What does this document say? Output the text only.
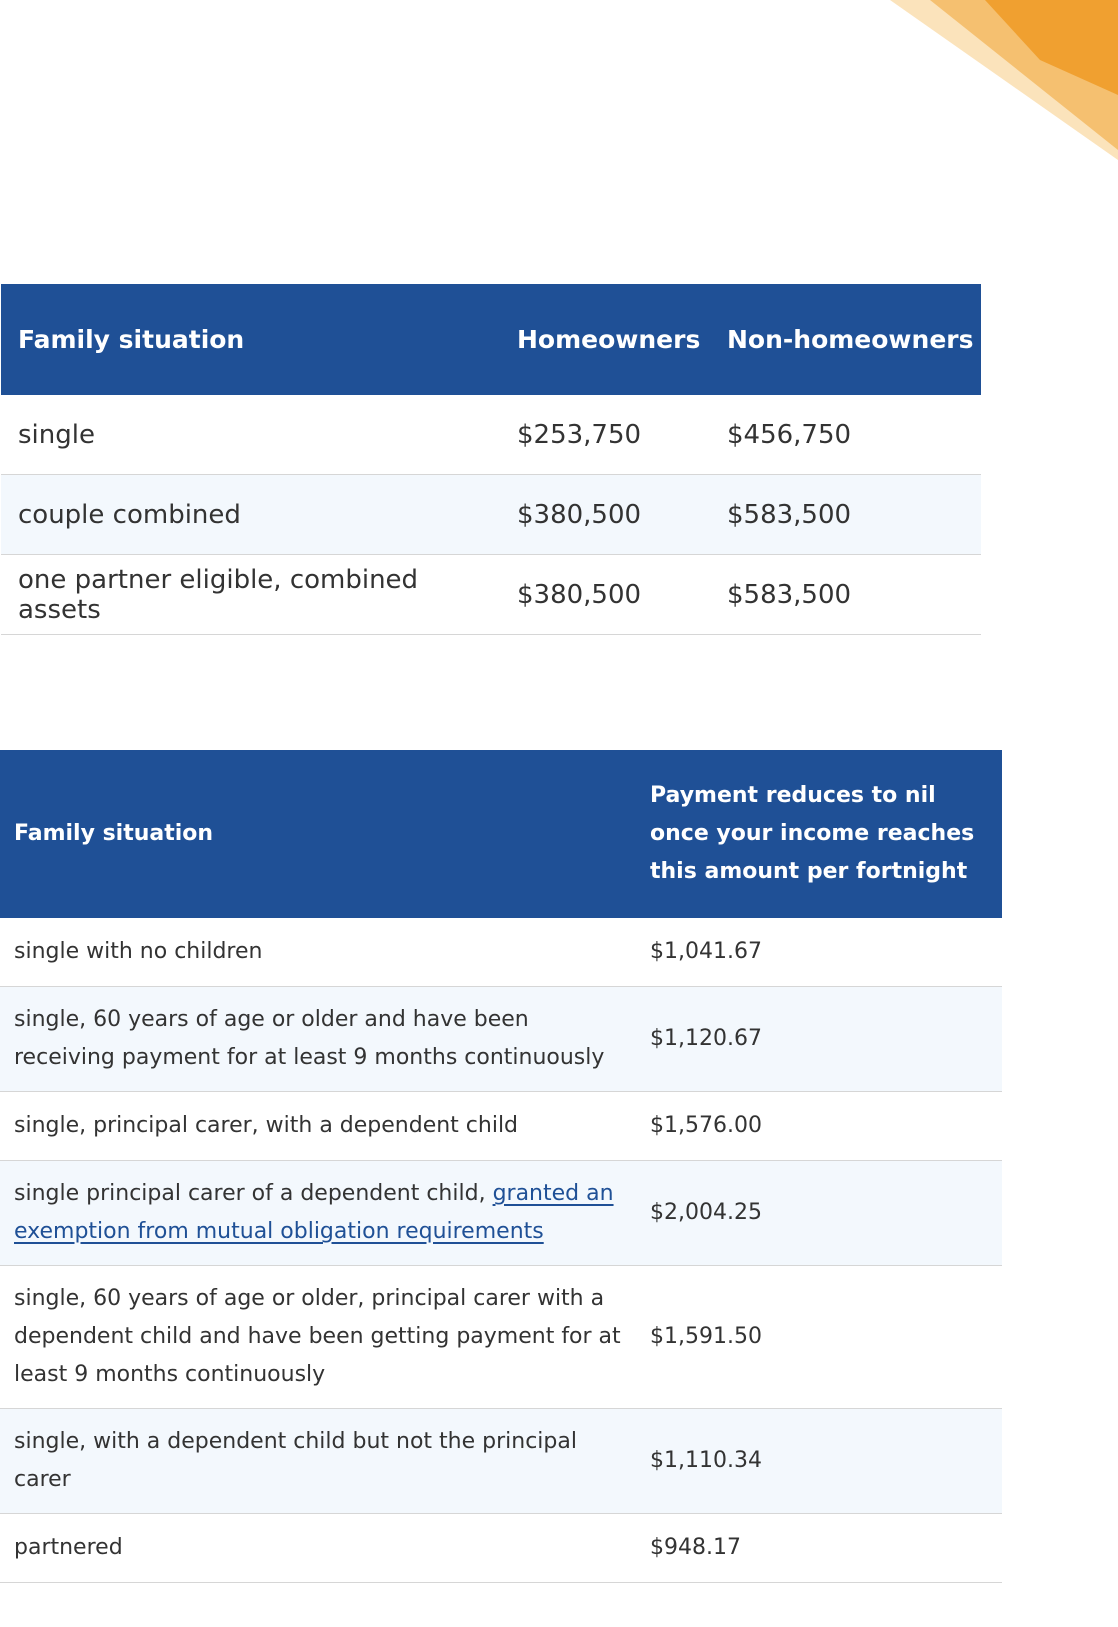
Family situation	Homeowners	Non-homeowners
single	$253,750	$456,750
couple combined	$380,500	$583,500
one partner eligible, combined assets	$380,500	$583,500
Family situation	Payment reduces to nil once your income reaches this amount per fortnight
single with no children	$1,041.67
single, 60 years of age or older and have been receiving payment for at least 9 months continuously	$1,120.67
single, principal carer, with a dependent child	$1,576.00
single principal carer of a dependent child, granted an exemption from mutual obligation requirements	$2,004.25
single, 60 years of age or older, principal carer with a dependent child and have been getting payment for at least 9 months continuously	$1,591.50
single, with a dependent child but not the principal carer	$1,110.34
partnered	$948.17
